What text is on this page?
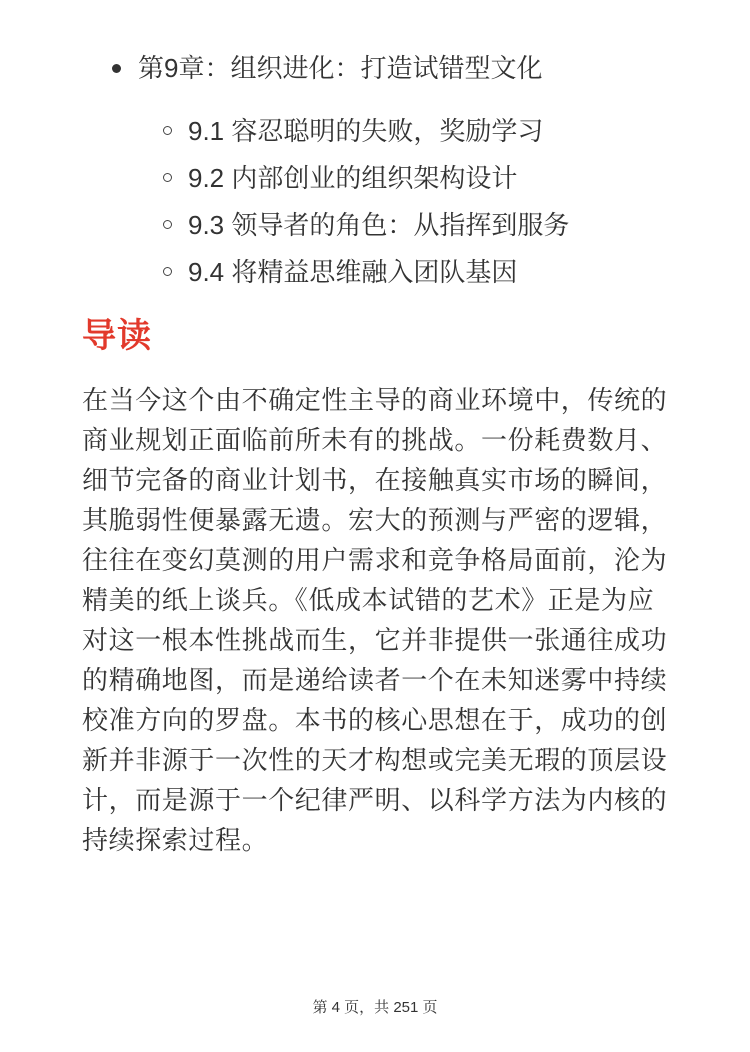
第9章：组织进化：打造试错型文化
9.1 容忍聪明的失败，奖励学习
9.2 内部创业的组织架构设计
9.3 领导者的角色：从指挥到服务
9.4 将精益思维融入团队基因
导读
在当今这个由不确定性主导的商业环境中，传统的
商业规划正面临前所未有的挑战。一份耗费数月、
细节完备的商业计划书，在接触真实市场的瞬间，
其脆弱性便暴露无遗。宏大的预测与严密的逻辑，
往往在变幻莫测的用户需求和竞争格局面前，沦为
精美的纸上谈兵。《低成本试错的艺术》正是为应
对这一根本性挑战而生，它并非提供一张通往成功
的精确地图，而是递给读者一个在未知迷雾中持续
校准方向的罗盘。本书的核心思想在于，成功的创
新并非源于一次性的天才构想或完美无瑕的顶层设
计，而是源于一个纪律严明、以科学方法为内核的
持续探索过程。
第 4 页，共 251 页
